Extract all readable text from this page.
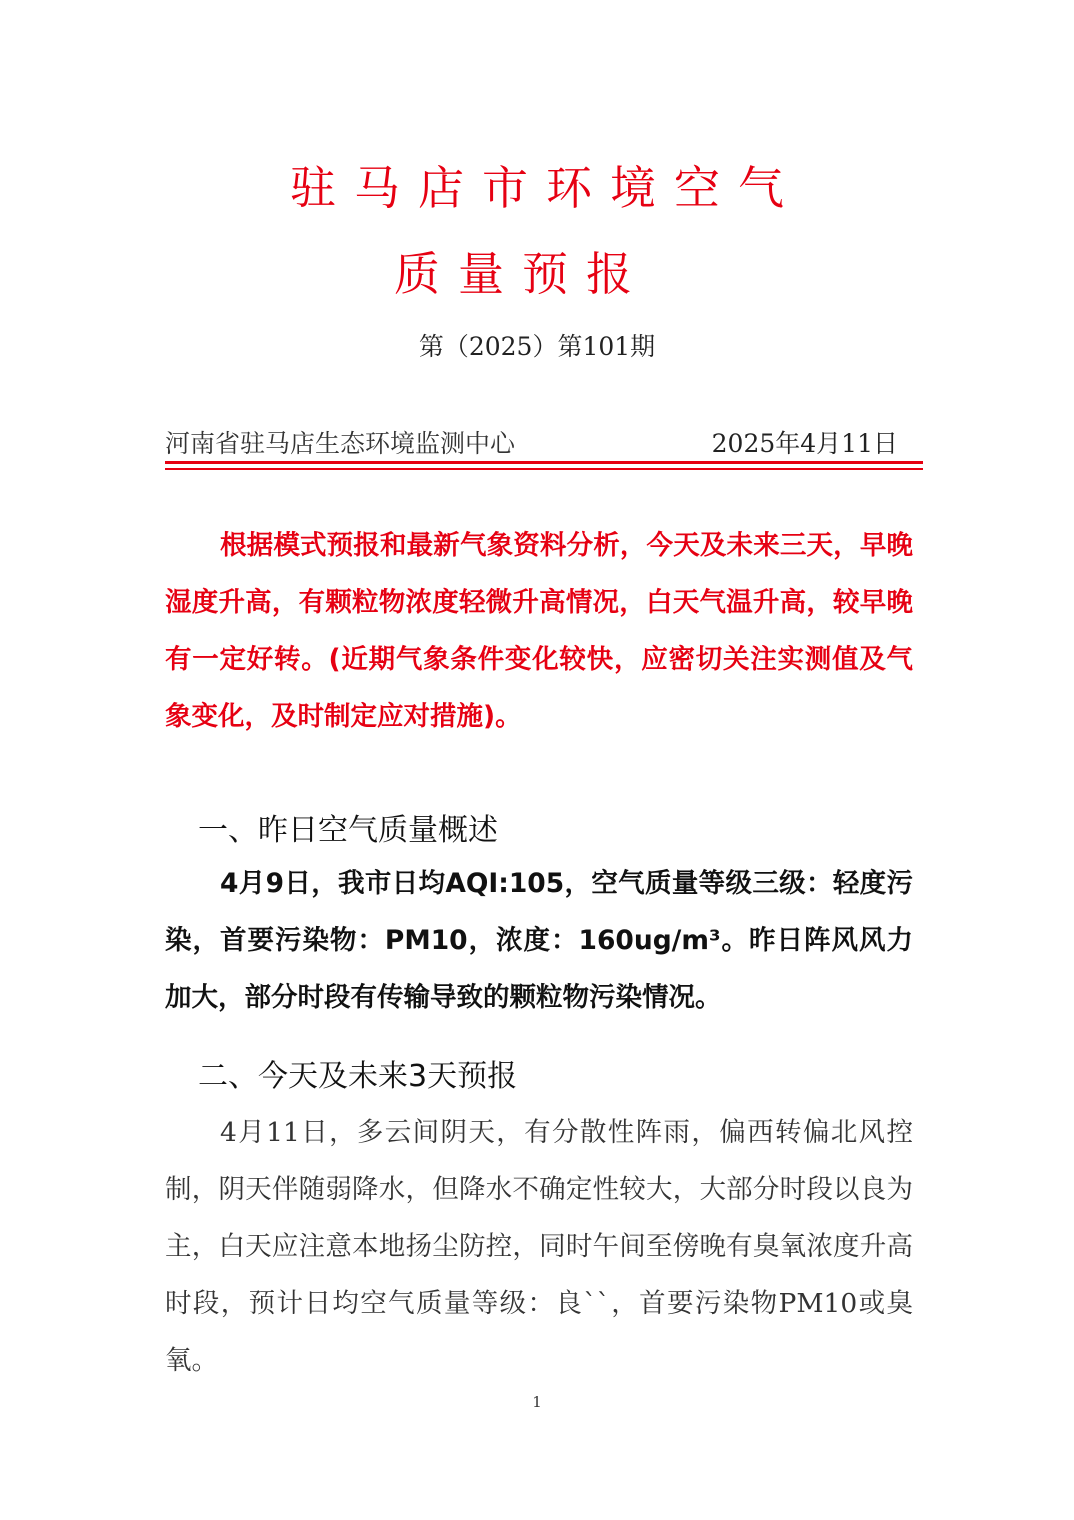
驻马店市环境空气
质量预报
第（2025）第101期
河南省驻马店生态环境监测中心	2025年4月11日

根据模式预报和最新气象资料分析，今天及未来三天，早晚湿度升高，有颗粒物浓度轻微升高情况，白天气温升高，较早晚有一定好转。(近期气象条件变化较快，应密切关注实测值及气象变化，及时制定应对措施)。

一、昨日空气质量概述

4月9日，我市日均AQI:105，空气质量等级三级：轻度污染，首要污染物：PM10，浓度：160ug/m³。昨日阵风风力加大，部分时段有传输导致的颗粒物污染情况。

二、今天及未来3天预报

4月11日，多云间阴天，有分散性阵雨，偏西转偏北风控制，阴天伴随弱降水，但降水不确定性较大，大部分时段以良为主，白天应注意本地扬尘防控，同时午间至傍晚有臭氧浓度升高时段，预计日均空气质量等级：良``，首要污染物PM10或臭氧。

1
